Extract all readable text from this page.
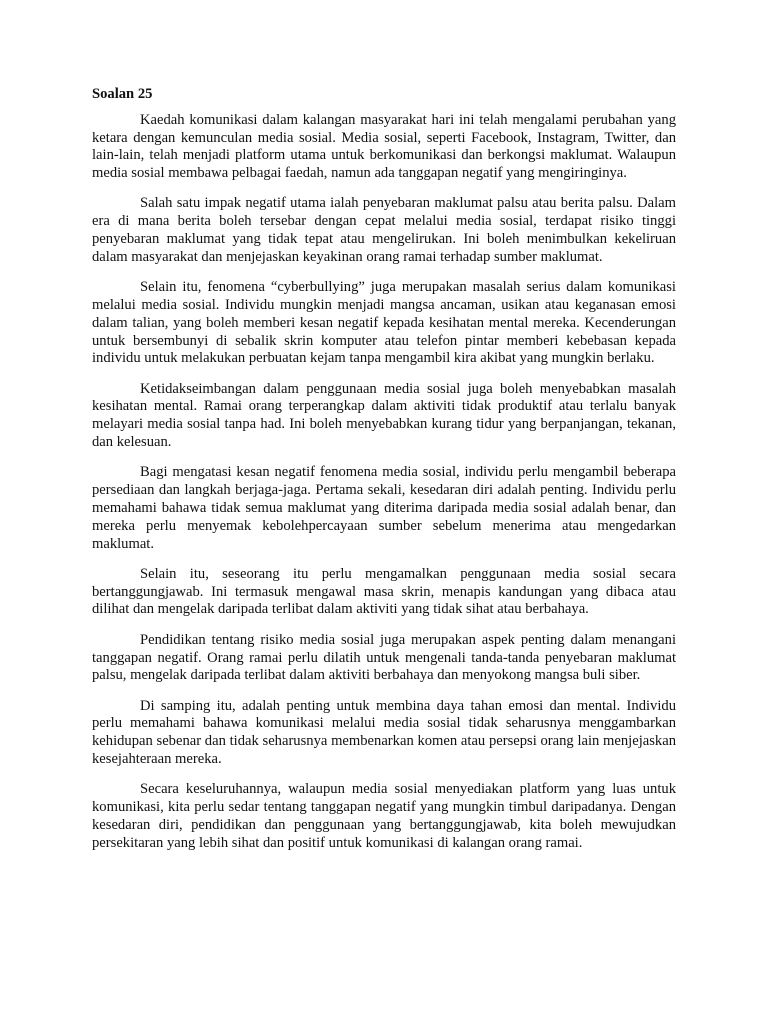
Soalan 25

Kaedah komunikasi dalam kalangan masyarakat hari ini telah mengalami perubahan yang ketara dengan kemunculan media sosial. Media sosial, seperti Facebook, Instagram, Twitter, dan lain-lain, telah menjadi platform utama untuk berkomunikasi dan berkongsi maklumat. Walaupun media sosial membawa pelbagai faedah, namun ada tanggapan negatif yang mengiringinya.

Salah satu impak negatif utama ialah penyebaran maklumat palsu atau berita palsu. Dalam era di mana berita boleh tersebar dengan cepat melalui media sosial, terdapat risiko tinggi penyebaran maklumat yang tidak tepat atau mengelirukan. Ini boleh menimbulkan kekeliruan dalam masyarakat dan menjejaskan keyakinan orang ramai terhadap sumber maklumat.

Selain itu, fenomena “cyberbullying” juga merupakan masalah serius dalam komunikasi melalui media sosial. Individu mungkin menjadi mangsa ancaman, usikan atau keganasan emosi dalam talian, yang boleh memberi kesan negatif kepada kesihatan mental mereka. Kecenderungan untuk bersembunyi di sebalik skrin komputer atau telefon pintar memberi kebebasan kepada individu untuk melakukan perbuatan kejam tanpa mengambil kira akibat yang mungkin berlaku.

Ketidakseimbangan dalam penggunaan media sosial juga boleh menyebabkan masalah kesihatan mental. Ramai orang terperangkap dalam aktiviti tidak produktif atau terlalu banyak melayari media sosial tanpa had. Ini boleh menyebabkan kurang tidur yang berpanjangan, tekanan, dan kelesuan.

Bagi mengatasi kesan negatif fenomena media sosial, individu perlu mengambil beberapa persediaan dan langkah berjaga-jaga. Pertama sekali, kesedaran diri adalah penting. Individu perlu memahami bahawa tidak semua maklumat yang diterima daripada media sosial adalah benar, dan mereka perlu menyemak kebolehpercayaan sumber sebelum menerima atau mengedarkan maklumat.

Selain itu, seseorang itu perlu mengamalkan penggunaan media sosial secara bertanggungjawab. Ini termasuk mengawal masa skrin, menapis kandungan yang dibaca atau dilihat dan mengelak daripada terlibat dalam aktiviti yang tidak sihat atau berbahaya.

Pendidikan tentang risiko media sosial juga merupakan aspek penting dalam menangani tanggapan negatif. Orang ramai perlu dilatih untuk mengenali tanda-tanda penyebaran maklumat palsu, mengelak daripada terlibat dalam aktiviti berbahaya dan menyokong mangsa buli siber.

Di samping itu, adalah penting untuk membina daya tahan emosi dan mental. Individu perlu memahami bahawa komunikasi melalui media sosial tidak seharusnya menggambarkan kehidupan sebenar dan tidak seharusnya membenarkan komen atau persepsi orang lain menjejaskan kesejahteraan mereka.

Secara keseluruhannya, walaupun media sosial menyediakan platform yang luas untuk komunikasi, kita perlu sedar tentang tanggapan negatif yang mungkin timbul daripadanya. Dengan kesedaran diri, pendidikan dan penggunaan yang bertanggungjawab, kita boleh mewujudkan persekitaran yang lebih sihat dan positif untuk komunikasi di kalangan orang ramai.
